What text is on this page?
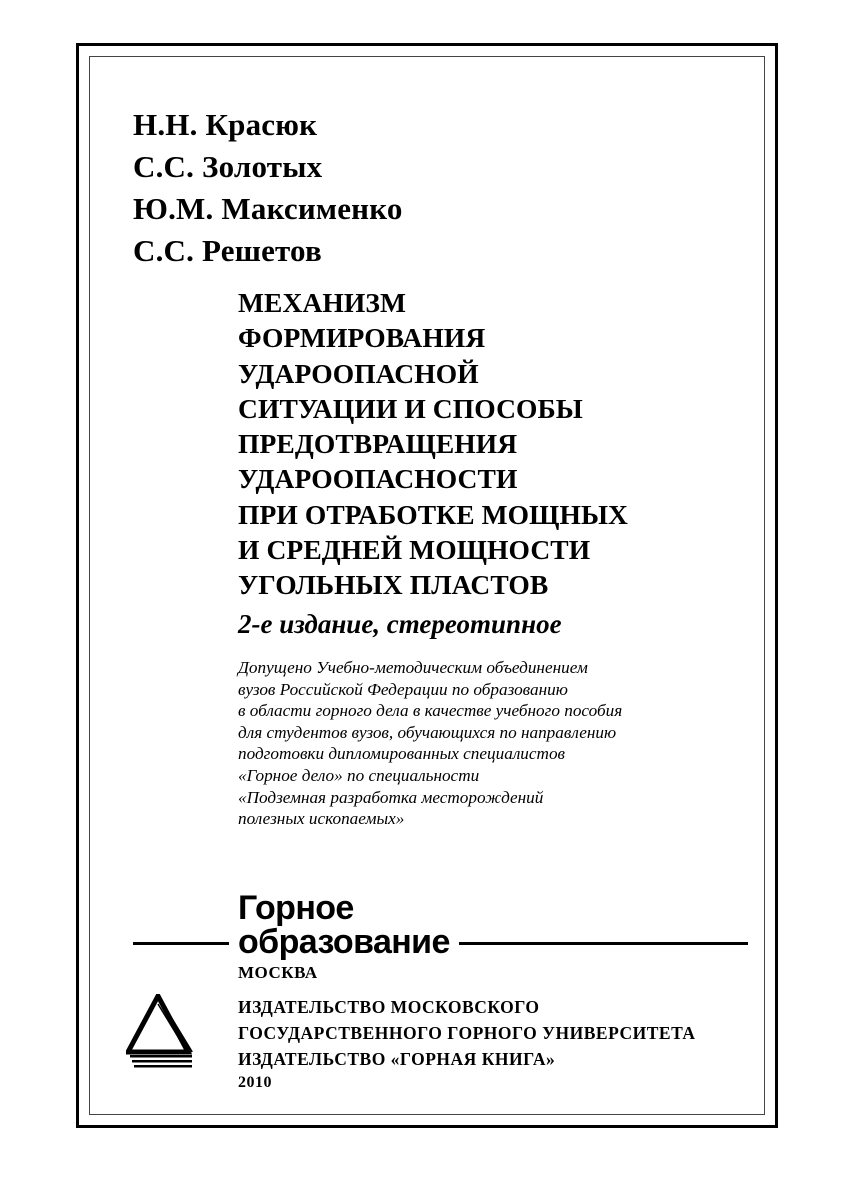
Н.Н. Красюк
С.С. Золотых
Ю.М. Максименко
С.С. Решетов
МЕХАНИЗМ
ФОРМИРОВАНИЯ
УДАРООПАСНОЙ
СИТУАЦИИ И СПОСОБЫ
ПРЕДОТВРАЩЕНИЯ
УДАРООПАСНОСТИ
ПРИ ОТРАБОТКЕ МОЩНЫХ
И СРЕДНЕЙ МОЩНОСТИ
УГОЛЬНЫХ ПЛАСТОВ
2-е издание, стереотипное
Допущено Учебно-методическим объединением
вузов Российской Федерации по образованию
в области горного дела в качестве учебного пособия
для студентов вузов, обучающихся по направлению
подготовки дипломированных специалистов
«Горное дело» по специальности
«Подземная разработка месторождений
полезных ископаемых»
Горное
образование
МОСКВА
ИЗДАТЕЛЬСТВО МОСКОВСКОГО
ГОСУДАРСТВЕННОГО ГОРНОГО УНИВЕРСИТЕТА
ИЗДАТЕЛЬСТВО «ГОРНАЯ КНИГА»
2010
